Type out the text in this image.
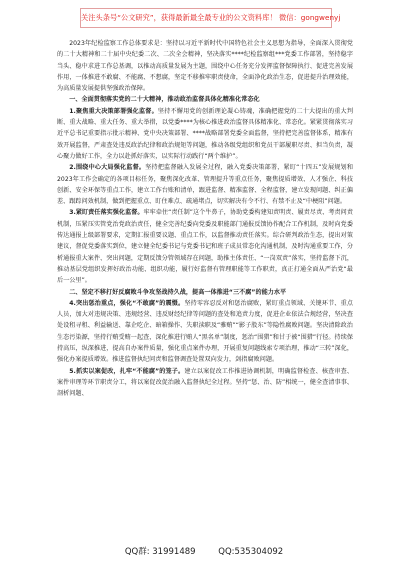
关注头条号“公文研究”，获得最新最全最专业的公文资料库！ 微信：gongwenyj

2023年纪检监察工作总体要求是：坚持以习近平新时代中国特色社会主义思想为指导，全面深入贯彻党的二十大精神和二十届中央纪委二次、二次全会精神，坚决落实****纪检监察组***党委工作部署，坚持稳字当头、稳中求进工作总基调，以推动高质量发展为主题，围绕中心任务充分发挥监督保障执行、促进完善发展作用，一体推进不敢腐、不能腐、不想腐，坚定不移推牢职责使命，全面净化政治生态，促进提升治理效能，为高质量发展提供坚强政治保障。

一、全面贯彻落实党的二十大精神，推动政治监督具体化精准化常态化

1.聚焦重大决策部署强化监督。坚持不懈用党的创新理论凝心铸魂，准确把握党的二十大提出的重大判断、重大战略、重大任务、重大举措，以党委****为核心推进政治监督具体精准化、常态化。紧紧贯彻落实习近平总书记重要指示批示精神、党中央决策部署、****战略部署党委全面监督，坚持把完善监督体系，精准有效开展监督，严肃查处违反政治纪律和政治规矩等问题，推动各级党组织和党员干部履职尽责、担当负责，凝心聚力做好工作，全力以赴抓好落实，以实际行动践行“两个维护”。

2.围绕中心大局强化监督。坚持把监督融入发展全过程，融入党委决策部署，紧盯“十四五”发展规划和2023年工作会确定的各项目标任务，聚焦深化改革、管理提升等重点任务，聚焦提质增效、人才强企、科技创新、安全环保等重点工作，建立工作台账和清单，跟进监督、精准监督、全程监督，建立发现问题、纠正偏差、跟踪问效机制，做到把握重点、盯住难点、疏通堵点，切实解决有令不行、有禁不止及“中梗阻”问题。

3.紧盯责任落实强化监督。牢牢牵住“责任制”这个牛鼻子，协助党委构建知责明责、履责尽责、考责问责机制，压紧压实管党治党政治责任，健全完善纪委向党委及职能部门通报反馈协作配合工作机制，及时向党委传达通报上级部署要求，定期汇报重要议题、重点工作，以监督推动责任落实。综合研判政治生态，提出对策建议，督促党委落实到位，建立健全纪委书记与党委书记和班子成员常态化沟通机制，及时沟通重要工作，分析通报重大案件、突出问题，定期反馈分管领域存在问题，助推主体责任、“一岗双责”落实，坚持监督下沉，推动基层党组织发挥好政治功能、组织功能，履行好监督有管理职能等工作职责，真正打通全面从严治党“最后一公里”。

二、坚定不移打好反腐败斗争攻坚战持久战，提高一体推进“三不腐”的能力水平

4.突出惩治重点，强化“不敢腐”的震慑。坚持零容忍反对和惩治腐败，紧盯重点领域、关键环节、重点人员，加大对违规决策、违规经营、违反财经纪律等问题的查处和追责力度，促进企业依法合规经营，坚决查处设租寻租、利益输送、靠企吃企、暗箱操作、失职渎职及“雅贿”“影子股东”等隐性腐败问题。坚决清除政治生态污染源，坚持行贿受贿一起查，深化推进行贿人“黑名单”制度，惩治“围猎”和甘于被“围猎”行径。持续保持高压，纵深推进，提高自办案件质量，强化重点案件办理，开展重复问题线索专项治理，推动“三转”深化，强化办案提质增效。推进监督执纪问责和监督调查处置双向发力，剑指腐败问题。

5.抓实以案促改，扎牢“不能腐”的笼子。建立以案促改工作推进协调机制，明确监督检查、核查审查、案件审理等环节职责分工，将以案促改促治融入监督执纪全过程。坚持“惩、治、防”相统一，健全查清事事、剖析问题、

QQ群: 31991489	QQ:535304092
